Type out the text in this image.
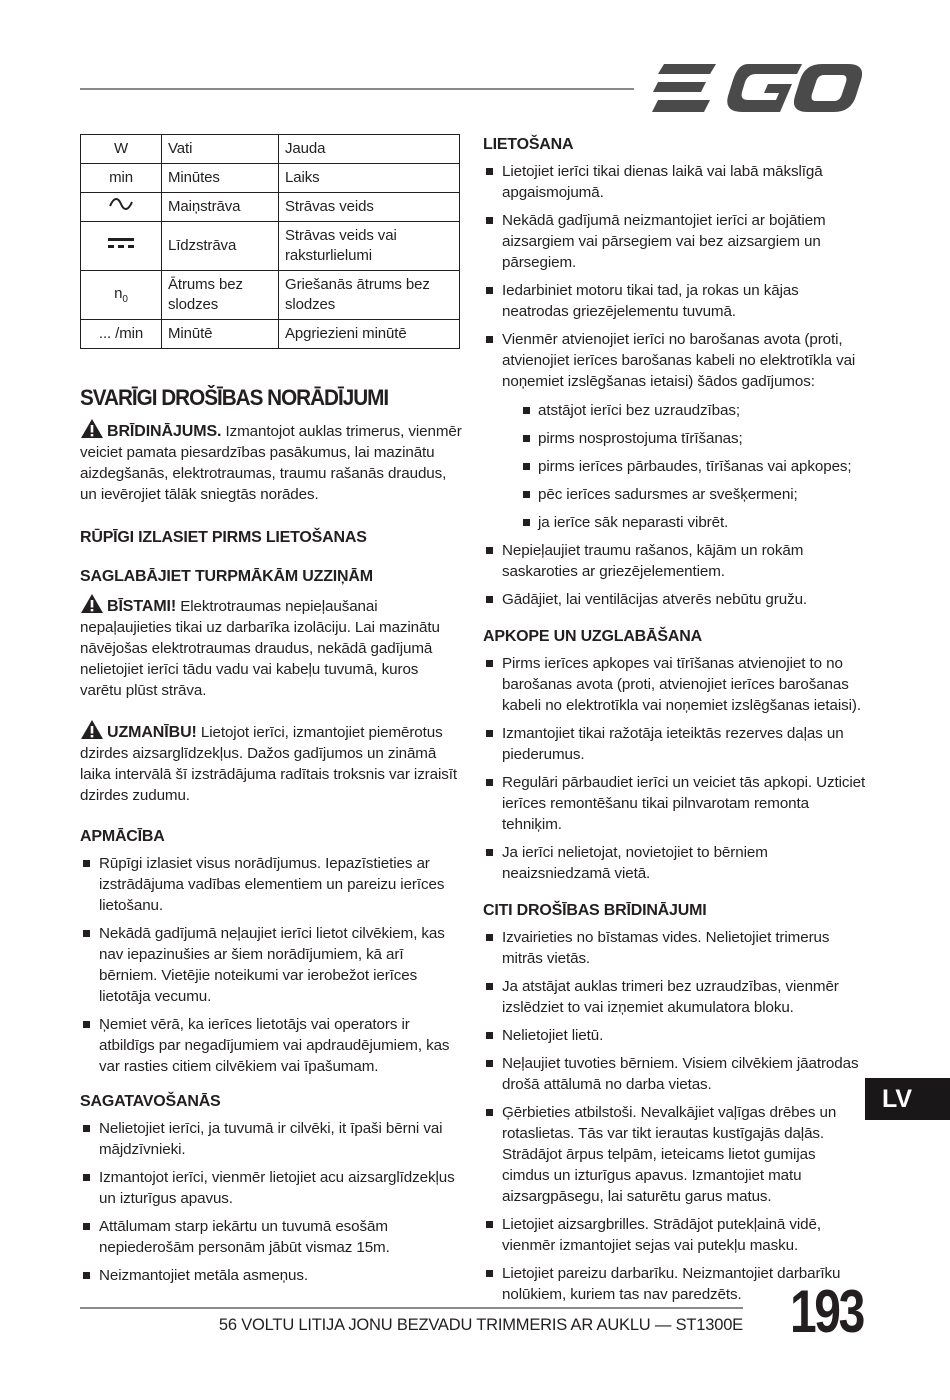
W	Vati	Jauda
min	Minūtes	Laiks
	Maiņstrāva	Strāvas veids
	Līdzstrāva	Strāvas veids vai raksturlielumi
$n_0$	Ātrums bez slodzes	Griešanās ātrums bez slodzes
... /min	Minūtē	Apgriezieni minūtē
SVARĪGI DROŠĪBAS NORĀDĪJUMI

BRĪDINĀJUMS. Izmantojot auklas trimerus, vienmēr veiciet pamata piesardzības pasākumus, lai mazinātu aizdegšanās, elektrotraumas, traumu rašanās draudus, un ievērojiet tālāk sniegtās norādes.

RŪPĪGI IZLASIET PIRMS LIETOŠANAS
SAGLABĀJIET TURPMĀKĀM UZZIŅĀM

BĪSTAMI! Elektrotraumas nepieļaušanai nepaļaujieties tikai uz darbarīka izolāciju. Lai mazinātu nāvējošas elektrotraumas draudus, nekādā gadījumā nelietojiet ierīci tādu vadu vai kabeļu tuvumā, kuros varētu plūst strāva.

UZMANĪBU! Lietojot ierīci, izmantojiet piemērotus dzirdes aizsarglīdzekļus. Dažos gadījumos un zināmā laika intervālā šī izstrādājuma radītais troksnis var izraisīt dzirdes zudumu.

APMĀCĪBA
Rūpīgi izlasiet visus norādījumus. Iepazīstieties ar izstrādājuma vadības elementiem un pareizu ierīces lietošanu.
Nekādā gadījumā neļaujiet ierīci lietot cilvēkiem, kas nav iepazinušies ar šiem norādījumiem, kā arī bērniem. Vietējie noteikumi var ierobežot ierīces lietotāja vecumu.
Ņemiet vērā, ka ierīces lietotājs vai operators ir atbildīgs par negadījumiem vai apdraudējumiem, kas var rasties citiem cilvēkiem vai īpašumam.
SAGATAVOŠANĀS
Nelietojiet ierīci, ja tuvumā ir cilvēki, it īpaši bērni vai mājdzīvnieki.
Izmantojot ierīci, vienmēr lietojiet acu aizsarglīdzekļus un izturīgus apavus.
Attālumam starp iekārtu un tuvumā esošām nepiederošām personām jābūt vismaz 15m.
Neizmantojiet metāla asmeņus.
LIETOŠANA
Lietojiet ierīci tikai dienas laikā vai labā mākslīgā apgaismojumā.
Nekādā gadījumā neizmantojiet ierīci ar bojātiem aizsargiem vai pārsegiem vai bez aizsargiem un pārsegiem.
Iedarbiniet motoru tikai tad, ja rokas un kājas neatrodas griezējelementu tuvumā.
Vienmēr atvienojiet ierīci no barošanas avota (proti, atvienojiet ierīces barošanas kabeli no elektrotīkla vai noņemiet izslēgšanas ietaisi) šādos gadījumos:
atstājot ierīci bez uzraudzības;
pirms nosprostojuma tīrīšanas;
pirms ierīces pārbaudes, tīrīšanas vai apkopes;
pēc ierīces sadursmes ar svešķermeni;
ja ierīce sāk neparasti vibrēt.
Nepieļaujiet traumu rašanos, kājām un rokām saskaroties ar griezējelementiem.
Gādājiet, lai ventilācijas atverēs nebūtu gružu.
APKOPE UN UZGLABĀŠANA
Pirms ierīces apkopes vai tīrīšanas atvienojiet to no barošanas avota (proti, atvienojiet ierīces barošanas kabeli no elektrotīkla vai noņemiet izslēgšanas ietaisi).
Izmantojiet tikai ražotāja ieteiktās rezerves daļas un piederumus.
Regulāri pārbaudiet ierīci un veiciet tās apkopi. Uzticiet ierīces remontēšanu tikai pilnvarotam remonta tehniķim.
Ja ierīci nelietojat, novietojiet to bērniem neaizsniedzamā vietā.
CITI DROŠĪBAS BRĪDINĀJUMI
Izvairieties no bīstamas vides. Nelietojiet trimerus mitrās vietās.
Ja atstājat auklas trimeri bez uzraudzības, vienmēr izslēdziet to vai izņemiet akumulatora bloku.
Nelietojiet lietū.
Neļaujiet tuvoties bērniem. Visiem cilvēkiem jāatrodas drošā attālumā no darba vietas.
Ģērbieties atbilstoši. Nevalkājiet vaļīgas drēbes un rotaslietas. Tās var tikt ierautas kustīgajās daļās. Strādājot ārpus telpām, ieteicams lietot gumijas cimdus un izturīgus apavus. Izmantojiet matu aizsargpāsegu, lai saturētu garus matus.
Lietojiet aizsargbrilles. Strādājot putekļainā vidē, vienmēr izmantojiet sejas vai putekļu masku.
Lietojiet pareizu darbarīku. Neizmantojiet darbarīku nolūkiem, kuriem tas nav paredzēts.
LV
56 VOLTU LITIJA JONU BEZVADU TRIMMERIS AR AUKLU — ST1300E 193
